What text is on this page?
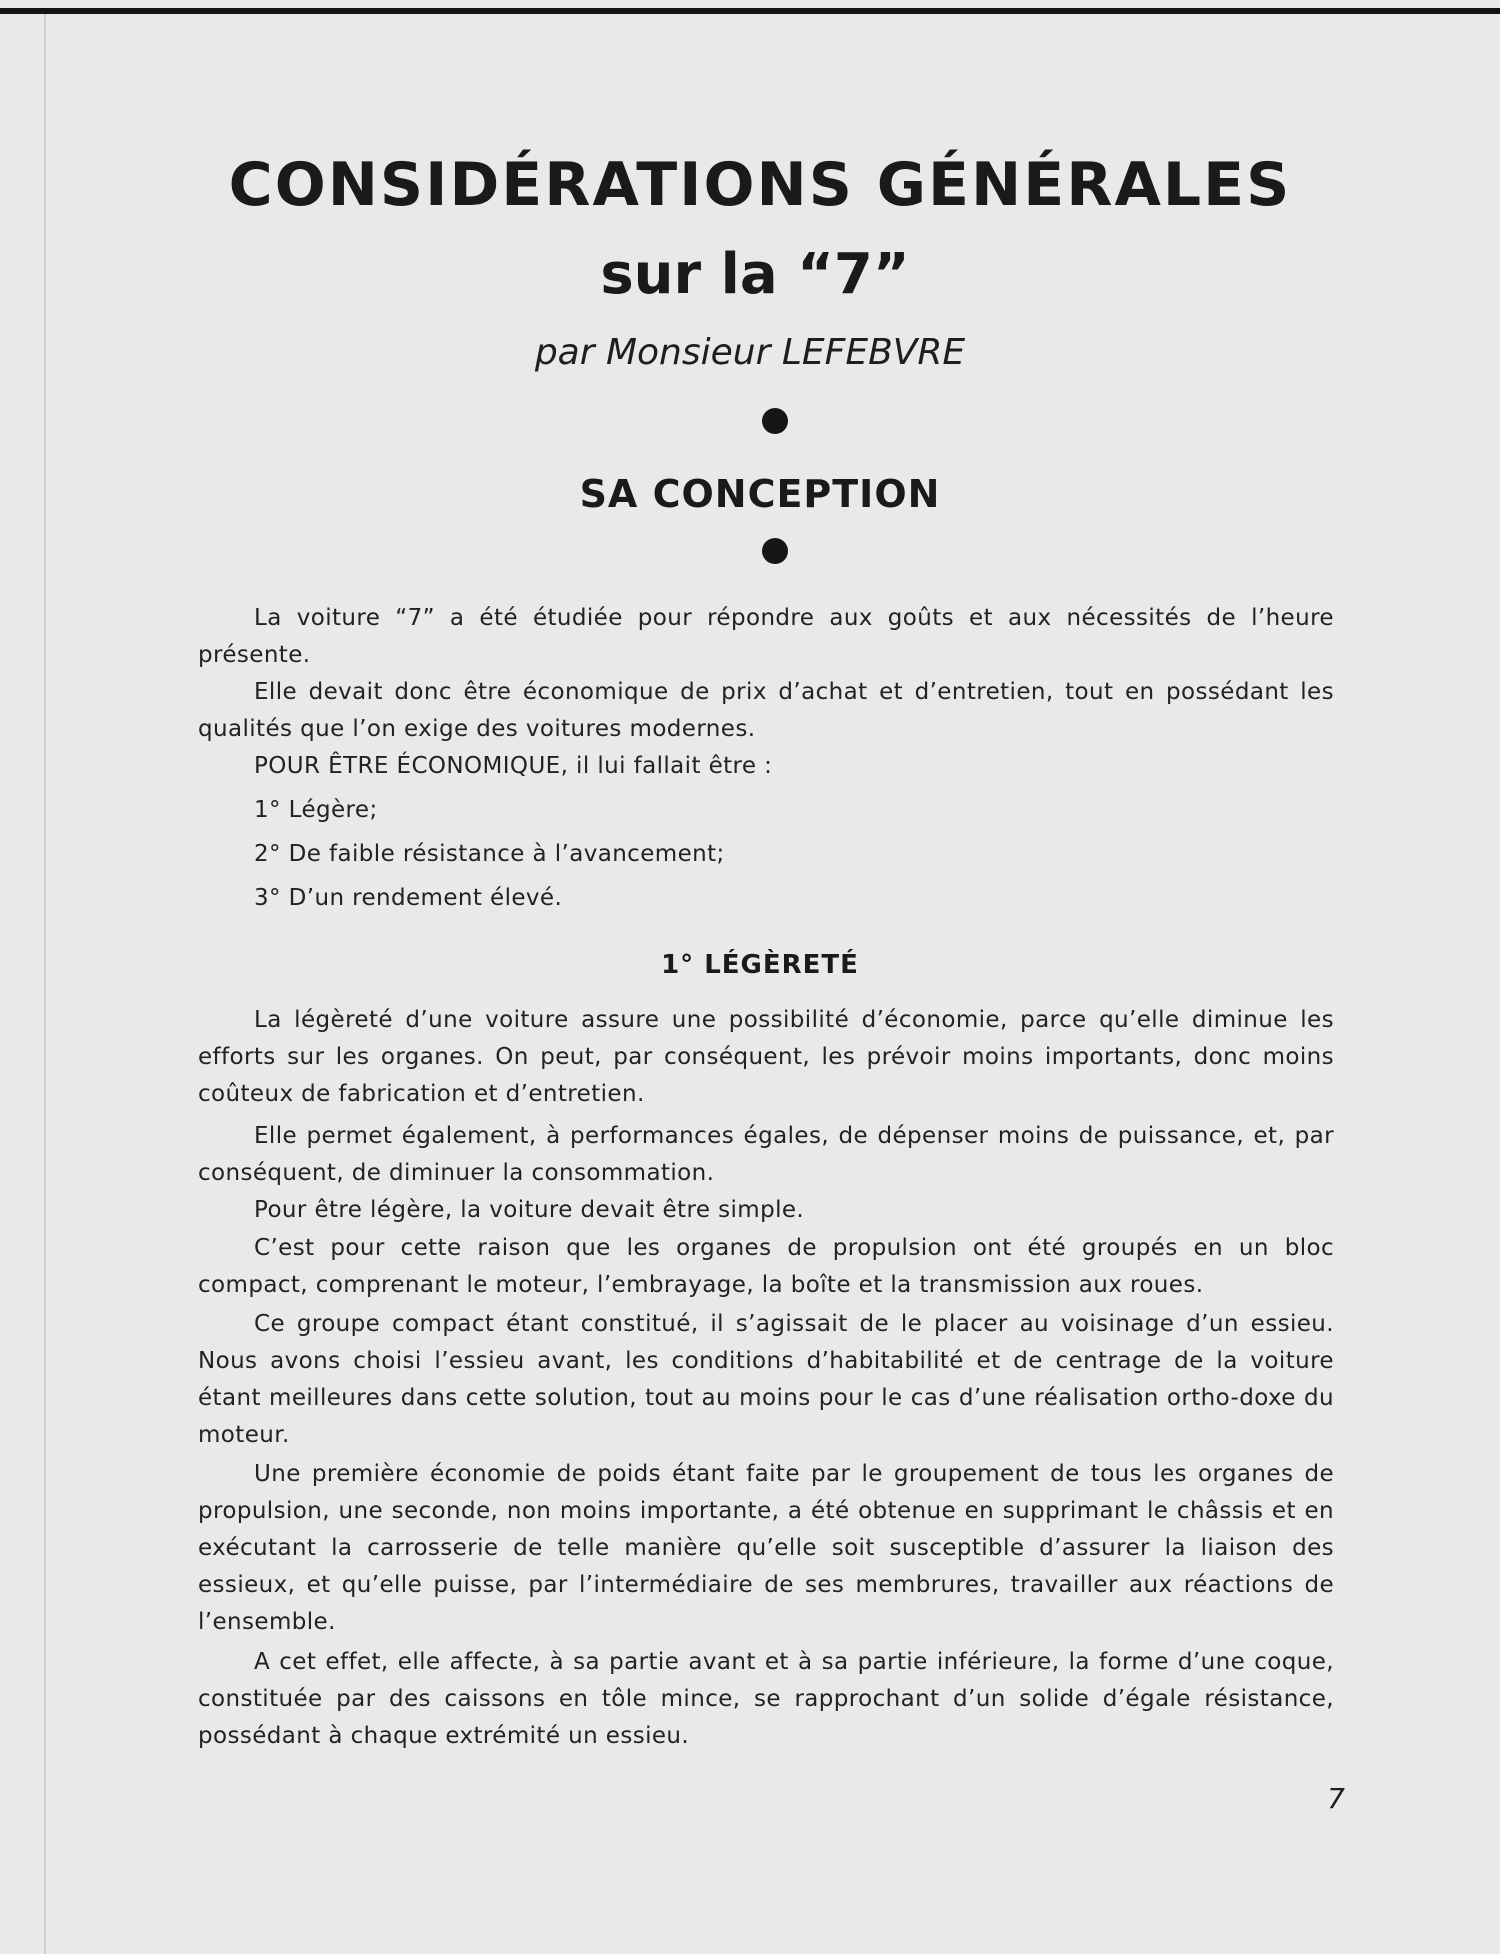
CONSIDÉRATIONS GÉNÉRALES
sur la “7”
par Monsieur LEFEBVRE
SA CONCEPTION

La voiture “7” a été étudiée pour répondre aux goûts et aux nécessités de l’heure présente.

Elle devait donc être économique de prix d’achat et d’entretien, tout en possédant les qualités que l’on exige des voitures modernes.

POUR ÊTRE ÉCONOMIQUE, il lui fallait être :

1° Légère;

2° De faible résistance à l’avancement;

3° D’un rendement élevé.

1° LÉGÈRETÉ

La légèreté d’une voiture assure une possibilité d’économie, parce qu’elle diminue les efforts sur les organes. On peut, par conséquent, les prévoir moins importants, donc moins coûteux de fabrication et d’entretien.

Elle permet également, à performances égales, de dépenser moins de puissance, et, par conséquent, de diminuer la consommation.

Pour être légère, la voiture devait être simple.

C’est pour cette raison que les organes de propulsion ont été groupés en un bloc compact, comprenant le moteur, l’embrayage, la boîte et la transmission aux roues.

Ce groupe compact étant constitué, il s’agissait de le placer au voisinage d’un essieu. Nous avons choisi l’essieu avant, les conditions d’habitabilité et de centrage de la voiture étant meilleures dans cette solution, tout au moins pour le cas d’une réalisation ortho-doxe du moteur.

Une première économie de poids étant faite par le groupement de tous les organes de propulsion, une seconde, non moins importante, a été obtenue en supprimant le châssis et en exécutant la carrosserie de telle manière qu’elle soit susceptible d’assurer la liaison des essieux, et qu’elle puisse, par l’intermédiaire de ses membrures, travailler aux réactions de l’ensemble.

A cet effet, elle affecte, à sa partie avant et à sa partie inférieure, la forme d’une coque, constituée par des caissons en tôle mince, se rapprochant d’un solide d’égale résistance, possédant à chaque extrémité un essieu.

7
